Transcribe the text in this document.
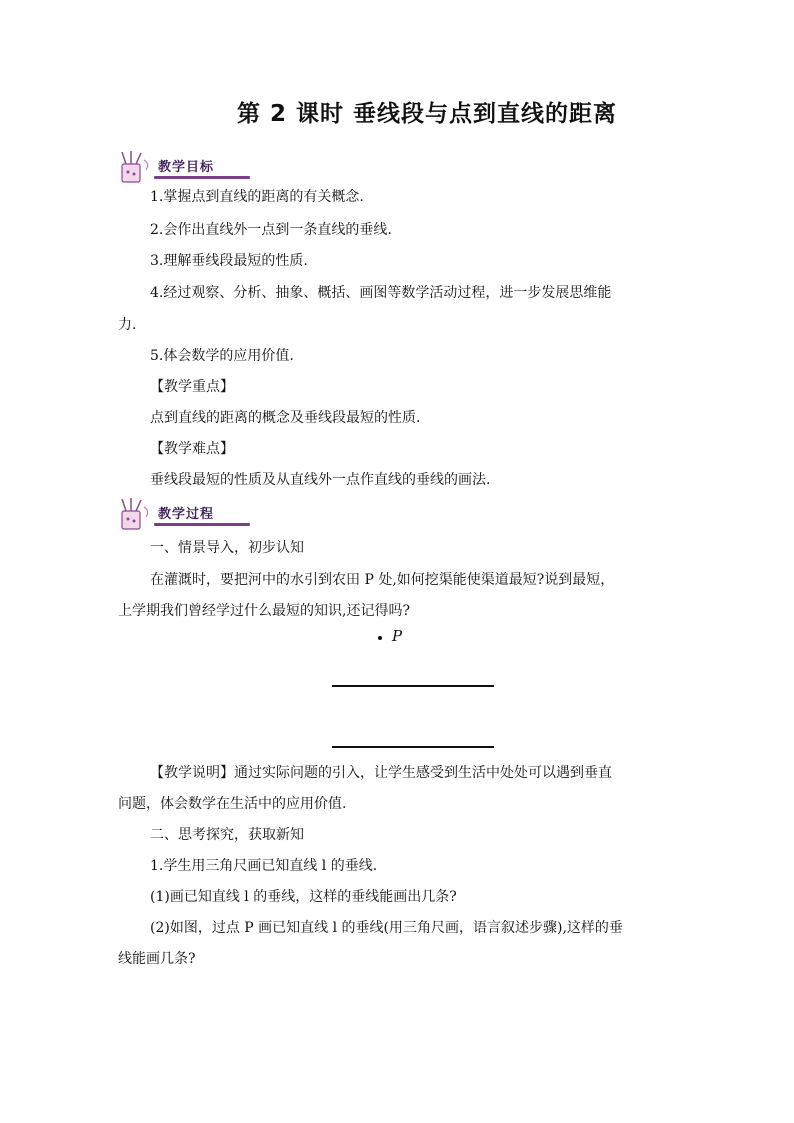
第 2 课时 垂线段与点到直线的距离
教学目标
1.掌握点到直线的距离的有关概念.
2.会作出直线外一点到一条直线的垂线.
3.理解垂线段最短的性质.
4.经过观察、分析、抽象、概括、画图等数学活动过程，进一步发展思维能
力.
5.体会数学的应用价值.
【教学重点】
点到直线的距离的概念及垂线段最短的性质.
【教学难点】
垂线段最短的性质及从直线外一点作直线的垂线的画法.
教学过程
一、情景导入，初步认知
在灌溉时，要把河中的水引到农田 P 处,如何挖渠能使渠道最短?说到最短，
上学期我们曾经学过什么最短的知识,还记得吗?
P
【教学说明】通过实际问题的引入，让学生感受到生活中处处可以遇到垂直
问题，体会数学在生活中的应用价值.
二、思考探究，获取新知
1.学生用三角尺画已知直线 l 的垂线.
(1)画已知直线 l 的垂线，这样的垂线能画出几条?
(2)如图，过点 P 画已知直线 l 的垂线(用三角尺画，语言叙述步骤),这样的垂
线能画几条?
